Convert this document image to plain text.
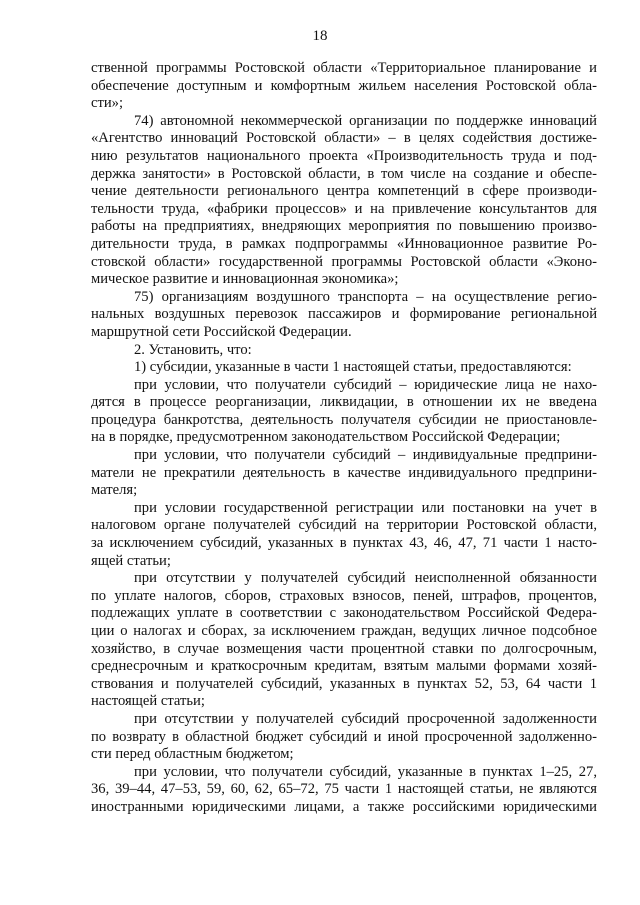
18
ственной программы Ростовской области «Территориальное планирование и
обеспечение доступным и комфортным жильем населения Ростовской обла-
сти»;
74) автономной некоммерческой организации по поддержке инноваций
«Агентство инноваций Ростовской области» – в целях содействия достиже-
нию результатов национального проекта «Производительность труда и под-
держка занятости» в Ростовской области, в том числе на создание и обеспе-
чение деятельности регионального центра компетенций в сфере производи-
тельности труда, «фабрики процессов» и на привлечение консультантов для
работы на предприятиях, внедряющих мероприятия по повышению произво-
дительности труда, в рамках подпрограммы «Инновационное развитие Ро-
стовской области» государственной программы Ростовской области «Эконо-
мическое развитие и инновационная экономика»;
75) организациям воздушного транспорта – на осуществление регио-
нальных воздушных перевозок пассажиров и формирование региональной
маршрутной сети Российской Федерации.
2. Установить, что:
1) субсидии, указанные в части 1 настоящей статьи, предоставляются:
при условии, что получатели субсидий – юридические лица не нахо-
дятся в процессе реорганизации, ликвидации, в отношении их не введена
процедура банкротства, деятельность получателя субсидии не приостановле-
на в порядке, предусмотренном законодательством Российской Федерации;
при условии, что получатели субсидий – индивидуальные предприни-
матели не прекратили деятельность в качестве индивидуального предприни-
мателя;
при условии государственной регистрации или постановки на учет в
налоговом органе получателей субсидий на территории Ростовской области,
за исключением субсидий, указанных в пунктах 43, 46, 47, 71 части 1 насто-
ящей статьи;
при отсутствии у получателей субсидий неисполненной обязанности
по уплате налогов, сборов, страховых взносов, пеней, штрафов, процентов,
подлежащих уплате в соответствии с законодательством Российской Федера-
ции о налогах и сборах, за исключением граждан, ведущих личное подсобное
хозяйство, в случае возмещения части процентной ставки по долгосрочным,
среднесрочным и краткосрочным кредитам, взятым малыми формами хозяй-
ствования и получателей субсидий, указанных в пунктах 52, 53, 64 части 1
настоящей статьи;
при отсутствии у получателей субсидий просроченной задолженности
по возврату в областной бюджет субсидий и иной просроченной задолженно-
сти перед областным бюджетом;
при условии, что получатели субсидий, указанные в пунктах 1–25, 27,
36, 39–44, 47–53, 59, 60, 62, 65–72, 75 части 1 настоящей статьи, не являются
иностранными юридическими лицами, а также российскими юридическими
